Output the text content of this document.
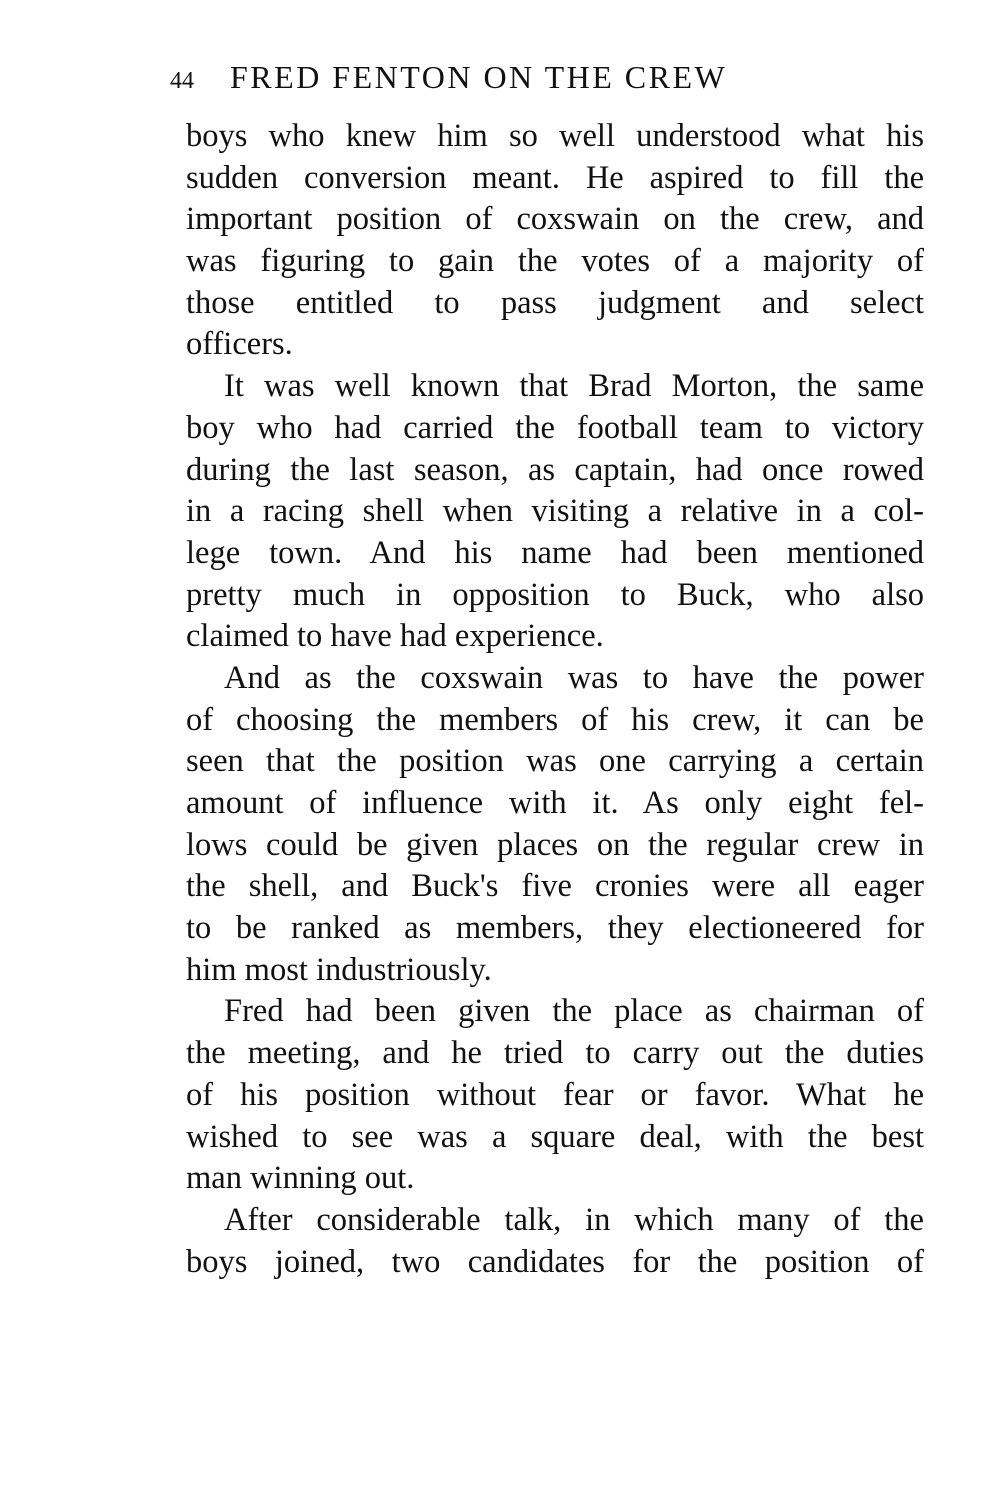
44 FRED FENTON ON THE CREW
boys who knew him so well understood what his
sudden conversion meant. He aspired to fill the
important position of coxswain on the crew, and
was figuring to gain the votes of a majority of
those entitled to pass judgment and select
officers.
It was well known that Brad Morton, the same
boy who had carried the football team to victory
during the last season, as captain, had once rowed
in a racing shell when visiting a relative in a col-
lege town. And his name had been mentioned
pretty much in opposition to Buck, who also
claimed to have had experience.
And as the coxswain was to have the power
of choosing the members of his crew, it can be
seen that the position was one carrying a certain
amount of influence with it. As only eight fel-
lows could be given places on the regular crew in
the shell, and Buck's five cronies were all eager
to be ranked as members, they electioneered for
him most industriously.
Fred had been given the place as chairman of
the meeting, and he tried to carry out the duties
of his position without fear or favor. What he
wished to see was a square deal, with the best
man winning out.
After considerable talk, in which many of the
boys joined, two candidates for the position of
